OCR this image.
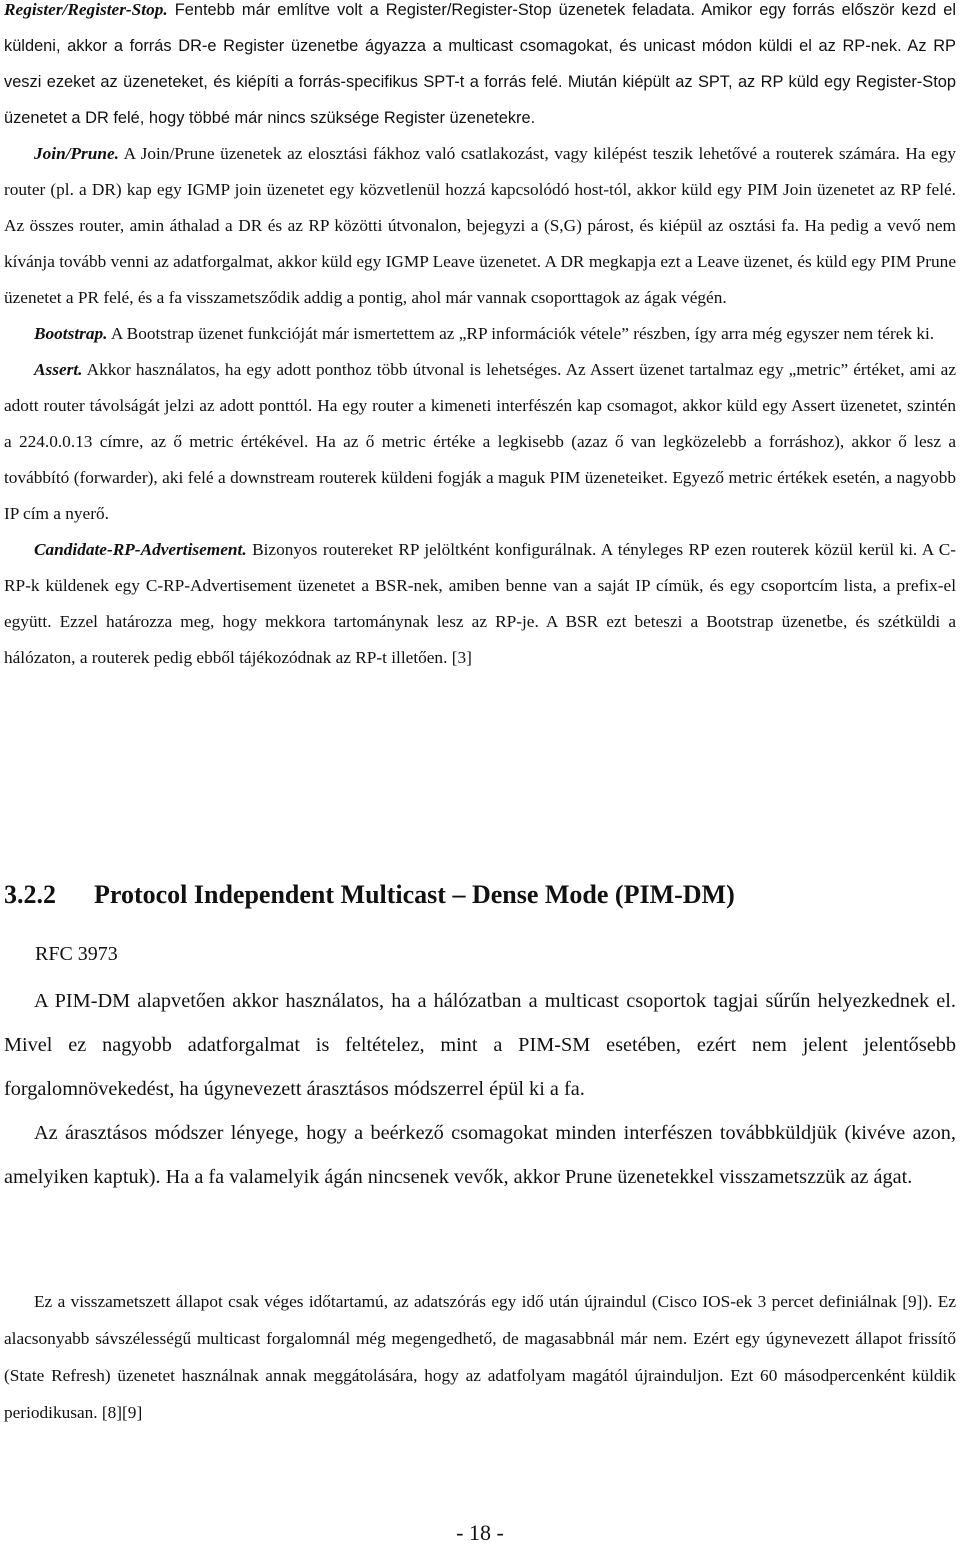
Register/Register-Stop. Fentebb már említve volt a Register/Register-Stop üzenetek feladata. Amikor egy forrás először kezd el küldeni, akkor a forrás DR-e Register üzenetbe ágyazza a multicast csomagokat, és unicast módon küldi el az RP-nek. Az RP veszi ezeket az üzeneteket, és kiépíti a forrás-specifikus SPT-t a forrás felé. Miután kiépült az SPT, az RP küld egy Register-Stop üzenetet a DR felé, hogy többé már nincs szüksége Register üzenetekre.

Join/Prune. A Join/Prune üzenetek az elosztási fákhoz való csatlakozást, vagy kilépést teszik lehetővé a routerek számára. Ha egy router (pl. a DR) kap egy IGMP join üzenetet egy közvetlenül hozzá kapcsolódó host-tól, akkor küld egy PIM Join üzenetet az RP felé. Az összes router, amin áthalad a DR és az RP közötti útvonalon, bejegyzi a (S,G) párost, és kiépül az osztási fa. Ha pedig a vevő nem kívánja tovább venni az adatforgalmat, akkor küld egy IGMP Leave üzenetet. A DR megkapja ezt a Leave üzenet, és küld egy PIM Prune üzenetet a PR felé, és a fa visszametsződik addig a pontig, ahol már vannak csoporttagok az ágak végén.

Bootstrap. A Bootstrap üzenet funkcióját már ismertettem az „RP információk vétele” részben, így arra még egyszer nem térek ki.

Assert. Akkor használatos, ha egy adott ponthoz több útvonal is lehetséges. Az Assert üzenet tartalmaz egy „metric” értéket, ami az adott router távolságát jelzi az adott ponttól. Ha egy router a kimeneti interfészén kap csomagot, akkor küld egy Assert üzenetet, szintén a 224.0.0.13 címre, az ő metric értékével. Ha az ő metric értéke a legkisebb (azaz ő van legközelebb a forráshoz), akkor ő lesz a továbbító (forwarder), aki felé a downstream routerek küldeni fogják a maguk PIM üzeneteiket. Egyező metric értékek esetén, a nagyobb IP cím a nyerő.

Candidate-RP-Advertisement. Bizonyos routereket RP jelöltként konfigurálnak. A tényleges RP ezen routerek közül kerül ki. A C-RP-k küldenek egy C-RP-Advertisement üzenetet a BSR-nek, amiben benne van a saját IP címük, és egy csoportcím lista, a prefix-el együtt. Ezzel határozza meg, hogy mekkora tartománynak lesz az RP-je. A BSR ezt beteszi a Bootstrap üzenetbe, és szétküldi a hálózaton, a routerek pedig ebből tájékozódnak az RP-t illetően. [3]

3.2.2 Protocol Independent Multicast – Dense Mode (PIM-DM)
RFC 3973

A PIM-DM alapvetően akkor használatos, ha a hálózatban a multicast csoportok tagjai sűrűn helyezkednek el. Mivel ez nagyobb adatforgalmat is feltételez, mint a PIM-SM esetében, ezért nem jelent jelentősebb forgalomnövekedést, ha úgynevezett árasztásos módszerrel épül ki a fa.

Az árasztásos módszer lényege, hogy a beérkező csomagokat minden interfészen továbbküldjük (kivéve azon, amelyiken kaptuk). Ha a fa valamelyik ágán nincsenek vevők, akkor Prune üzenetekkel visszametszzük az ágat.

Ez a visszametszett állapot csak véges időtartamú, az adatszórás egy idő után újraindul (Cisco IOS-ek 3 percet definiálnak [9]). Ez alacsonyabb sávszélességű multicast forgalomnál még megengedhető, de magasabbnál már nem. Ezért egy úgynevezett állapot frissítő (State Refresh) üzenetet használnak annak meggátolására, hogy az adatfolyam magától újrainduljon. Ezt 60 másodpercenként küldik periodikusan. [8][9]

- 18 -
